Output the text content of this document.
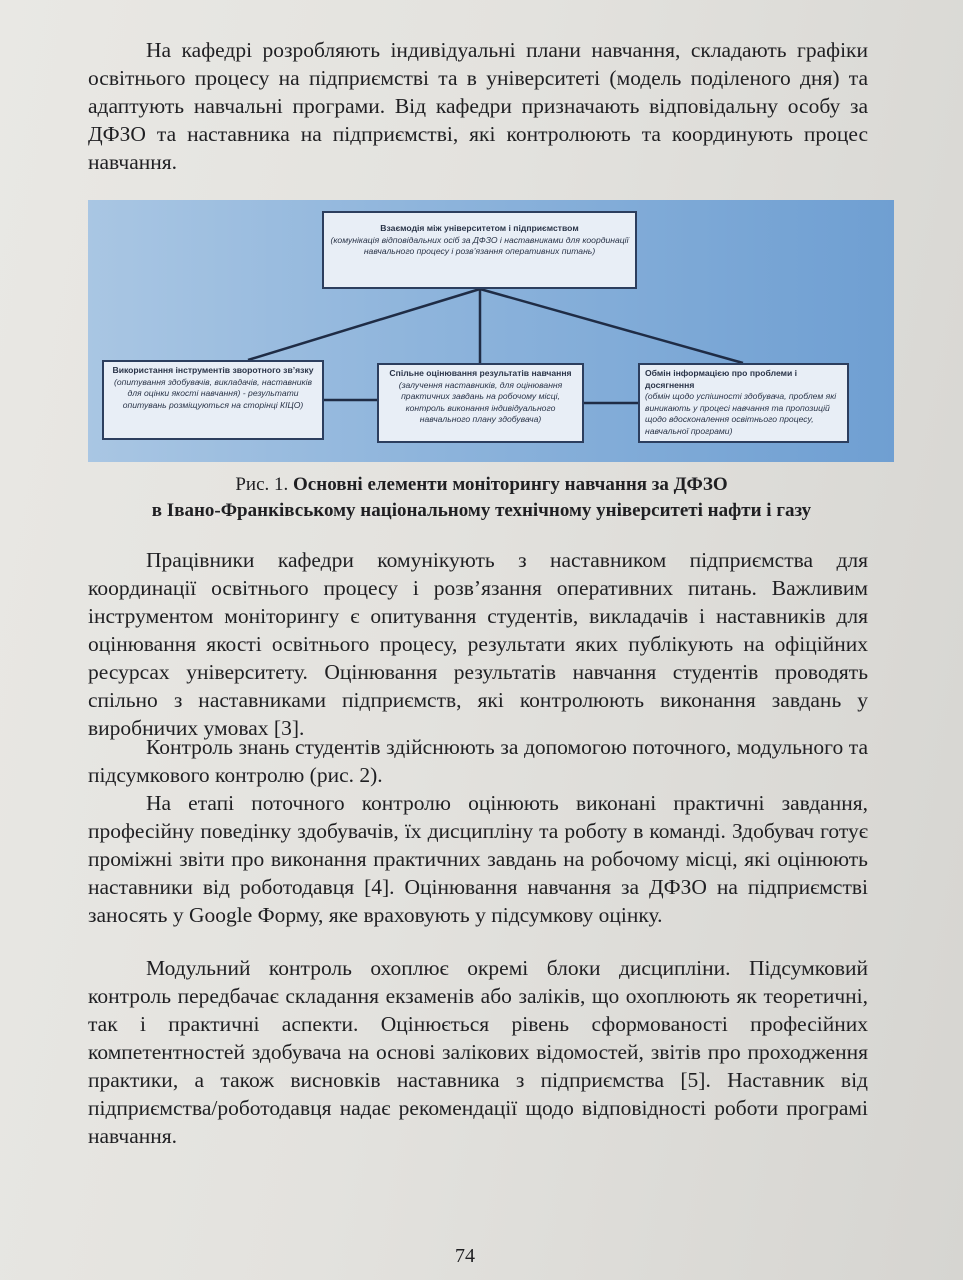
На кафедрі розробляють індивідуальні плани навчання, складають графіки освітнього процесу на підприємстві та в університеті (модель поділеного дня) та адаптують навчальні програми. Від кафедри призначають відповідальну особу за ДФЗО та наставника на підприємстві, які контролюють та координують процес навчання.

Взаємодія між університетом і підприємством
(комунікація відповідальних осіб за ДФЗО і наставниками для координації навчального процесу і розв’язання оперативних питань)
Використання інструментів зворотного зв’язку
(опитування здобувачів, викладачів, наставників для оцінки якості навчання) - результати опитувань розміщуються на сторінці КІЦО)
Спільне оцінювання результатів навчання
(залучення наставників, для оцінювання практичних завдань на робочому місці, контроль виконання індивідуального навчального плану здобувача)
Обмін інформацією про проблеми і досягнення
(обмін щодо успішності здобувача, проблем які виникають у процесі навчання та пропозицій щодо вдосконалення освітнього процесу, навчальної програми)
Рис. 1. Основні елементи моніторингу навчання за ДФЗО
в Івано-Франківському національному технічному університеті нафти і газу

Працівники кафедри комунікують з наставником підприємства для координації освітнього процесу і розв’язання оперативних питань. Важливим інструментом моніторингу є опитування студентів, викладачів і наставників для оцінювання якості освітнього процесу, результати яких публікують на офіційних ресурсах університету. Оцінювання результатів навчання студентів проводять спільно з наставниками підприємств, які контролюють виконання завдань у виробничих умовах [3].

Контроль знань студентів здійснюють за допомогою поточного, модульного та підсумкового контролю (рис. 2).

На етапі поточного контролю оцінюють виконані практичні завдання, професійну поведінку здобувачів, їх дисципліну та роботу в команді. Здобувач готує проміжні звіти про виконання практичних завдань на робочому місці, які оцінюють наставники від роботодавця [4]. Оцінювання навчання за ДФЗО на підприємстві заносять у Google Форму, яке враховують у підсумкову оцінку.

Модульний контроль охоплює окремі блоки дисципліни. Підсумковий контроль передбачає складання екзаменів або заліків, що охоплюють як теоретичні, так і практичні аспекти. Оцінюється рівень сформованості професійних компетентностей здобувача на основі залікових відомостей, звітів про проходження практики, а також висновків наставника з підприємства [5]. Наставник від підприємства/роботодавця надає рекомендації щодо відповідності роботи програмі навчання.

74
